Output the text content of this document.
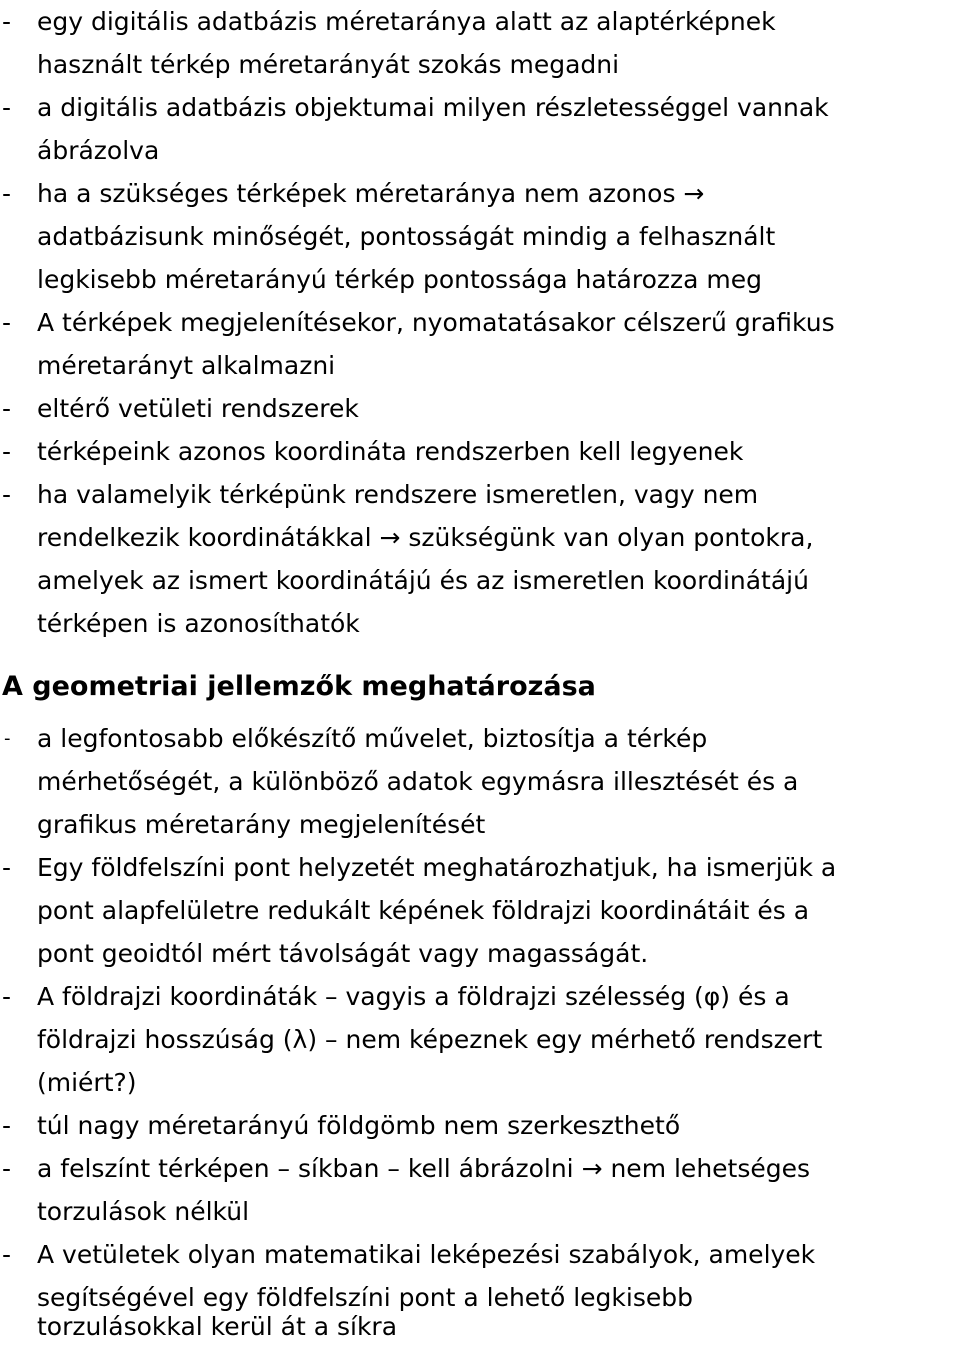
- egy digitális adatbázis méretaránya alatt az alaptérképnek
használt térkép méretarányát szokás megadni
- a digitális adatbázis objektumai milyen részletességgel vannak
ábrázolva
- ha a szükséges térképek méretaránya nem azonos →
adatbázisunk minőségét, pontosságát mindig a felhasznált
legkisebb méretarányú térkép pontossága határozza meg
- A térképek megjelenítésekor, nyomatatásakor célszerű grafikus
méretarányt alkalmazni
- eltérő vetületi rendszerek
- térképeink azonos koordináta rendszerben kell legyenek
- ha valamelyik térképünk rendszere ismeretlen, vagy nem
rendelkezik koordinátákkal → szükségünk van olyan pontokra,
amelyek az ismert koordinátájú és az ismeretlen koordinátájú
térképen is azonosíthatók
A geometriai jellemzők meghatározása
- a legfontosabb előkészítő művelet, biztosítja a térkép
mérhetőségét, a különböző adatok egymásra illesztését és a
grafikus méretarány megjelenítését
- Egy földfelszíni pont helyzetét meghatározhatjuk, ha ismerjük a
pont alapfelületre redukált képének földrajzi koordinátáit és a
pont geoidtól mért távolságát vagy magasságát.
- A földrajzi koordináták – vagyis a földrajzi szélesség (φ) és a
földrajzi hosszúság (λ) – nem képeznek egy mérhető rendszert
(miért?)
- túl nagy méretarányú földgömb nem szerkeszthető
- a felszínt térképen – síkban – kell ábrázolni → nem lehetséges
torzulások nélkül
- A vetületek olyan matematikai leképezési szabályok, amelyek
segítségével egy földfelszíni pont a lehető legkisebb
torzulásokkal kerül át a síkra
